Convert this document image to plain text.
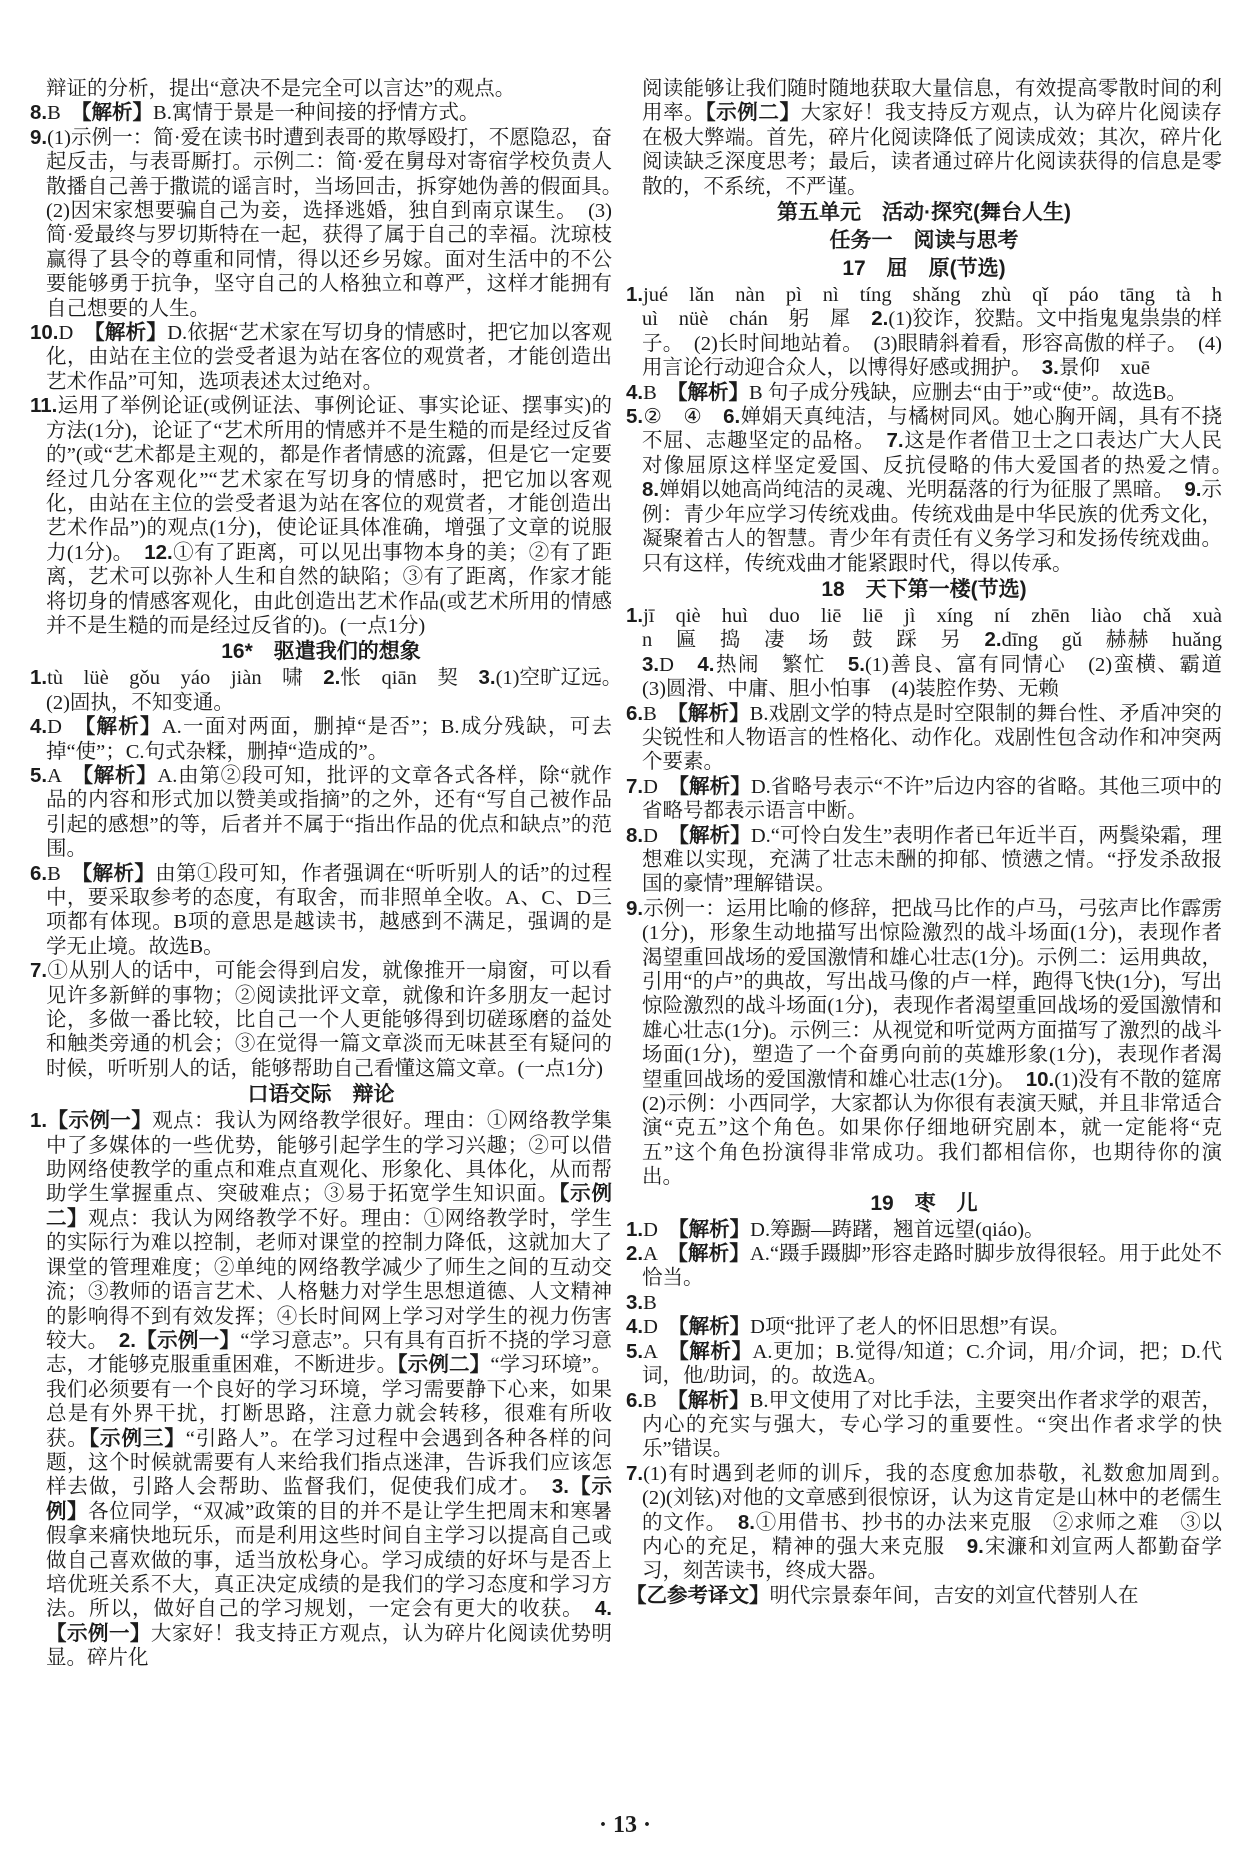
辩证的分析，提出“意决不是完全可以言达”的观点。
8.B　【解析】B.寓情于景是一种间接的抒情方式。
9.(1)示例一：简·爱在读书时遭到表哥的欺辱殴打，不愿隐忍，奋起反击，与表哥厮打。示例二：简·爱在舅母对寄宿学校负责人散播自己善于撒谎的谣言时，当场回击，拆穿她伪善的假面具。　(2)因宋家想要骗自己为妾，选择逃婚，独自到南京谋生。　(3)简·爱最终与罗切斯特在一起，获得了属于自己的幸福。沈琼枝赢得了县令的尊重和同情，得以还乡另嫁。面对生活中的不公要能够勇于抗争，坚守自己的人格独立和尊严，这样才能拥有自己想要的人生。
10.D　【解析】D.依据“艺术家在写切身的情感时，把它加以客观化，由站在主位的尝受者退为站在客位的观赏者，才能创造出艺术作品”可知，选项表述太过绝对。
11.运用了举例论证(或例证法、事例论证、事实论证、摆事实)的方法(1分)，论证了“艺术所用的情感并不是生糙的而是经过反省的”(或“艺术都是主观的，都是作者情感的流露，但是它一定要经过几分客观化”“艺术家在写切身的情感时，把它加以客观化，由站在主位的尝受者退为站在客位的观赏者，才能创造出艺术作品”)的观点(1分)，使论证具体准确，增强了文章的说服力(1分)。　12.①有了距离，可以见出事物本身的美；②有了距离，艺术可以弥补人生和自然的缺陷；③有了距离，作家才能将切身的情感客观化，由此创造出艺术作品(或艺术所用的情感并不是生糙的而是经过反省的)。(一点1分)
16*　驱遣我们的想象
1.tù　lüè　gǒu　yáo　jiàn　啸　2.怅　qiān　契　3.(1)空旷辽远。　(2)固执，不知变通。
4.D　【解析】A.一面对两面，删掉“是否”；B.成分残缺，可去掉“使”；C.句式杂糅，删掉“造成的”。
5.A　【解析】A.由第②段可知，批评的文章各式各样，除“就作品的内容和形式加以赞美或指摘”的之外，还有“写自己被作品引起的感想”的等，后者并不属于“指出作品的优点和缺点”的范围。
6.B　【解析】由第①段可知，作者强调在“听听别人的话”的过程中，要采取参考的态度，有取舍，而非照单全收。A、C、D三项都有体现。B项的意思是越读书，越感到不满足，强调的是学无止境。故选B。
7.①从别人的话中，可能会得到启发，就像推开一扇窗，可以看见许多新鲜的事物；②阅读批评文章，就像和许多朋友一起讨论，多做一番比较，比自己一个人更能够得到切磋琢磨的益处和触类旁通的机会；③在觉得一篇文章淡而无味甚至有疑问的时候，听听别人的话，能够帮助自己看懂这篇文章。(一点1分)
口语交际　辩论
1.【示例一】观点：我认为网络教学很好。理由：①网络教学集中了多媒体的一些优势，能够引起学生的学习兴趣；②可以借助网络使教学的重点和难点直观化、形象化、具体化，从而帮助学生掌握重点、突破难点；③易于拓宽学生知识面。【示例二】观点：我认为网络教学不好。理由：①网络教学时，学生的实际行为难以控制，老师对课堂的控制力降低，这就加大了课堂的管理难度；②单纯的网络教学减少了师生之间的互动交流；③教师的语言艺术、人格魅力对学生思想道德、人文精神的影响得不到有效发挥；④长时间网上学习对学生的视力伤害较大。　2.【示例一】“学习意志”。只有具有百折不挠的学习意志，才能够克服重重困难，不断进步。【示例二】“学习环境”。我们必须要有一个良好的学习环境，学习需要静下心来，如果总是有外界干扰，打断思路，注意力就会转移，很难有所收获。【示例三】“引路人”。在学习过程中会遇到各种各样的问题，这个时候就需要有人来给我们指点迷津，告诉我们应该怎样去做，引路人会帮助、监督我们，促使我们成才。　3.【示例】各位同学，“双减”政策的目的并不是让学生把周末和寒暑假拿来痛快地玩乐，而是利用这些时间自主学习以提高自己或做自己喜欢做的事，适当放松身心。学习成绩的好坏与是否上培优班关系不大，真正决定成绩的是我们的学习态度和学习方法。所以，做好自己的学习规划，一定会有更大的收获。　4.【示例一】大家好！我支持正方观点，认为碎片化阅读优势明显。碎片化
阅读能够让我们随时随地获取大量信息，有效提高零散时间的利用率。【示例二】大家好！我支持反方观点，认为碎片化阅读存在极大弊端。首先，碎片化阅读降低了阅读成效；其次，碎片化阅读缺乏深度思考；最后，读者通过碎片化阅读获得的信息是零散的，不系统，不严谨。
第五单元　活动·探究(舞台人生)
任务一　阅读与思考
17　屈　原(节选)
1.jué　lǎn　nàn　pì　nì　tíng　shǎng　zhù　qǐ　páo　tāng　tà　huì　nüè　chán　躬　犀　2.(1)狡诈，狡黠。文中指鬼鬼祟祟的样子。　(2)长时间地站着。　(3)眼睛斜着看，形容高傲的样子。　(4)用言论行动迎合众人，以博得好感或拥护。　3.景仰　xuē
4.B　【解析】B 句子成分残缺，应删去“由于”或“使”。故选B。
5.②　④　6.婵娟天真纯洁，与橘树同风。她心胸开阔，具有不挠不屈、志趣坚定的品格。　7.这是作者借卫士之口表达广大人民对像屈原这样坚定爱国、反抗侵略的伟大爱国者的热爱之情。　8.婵娟以她高尚纯洁的灵魂、光明磊落的行为征服了黑暗。　9.示例：青少年应学习传统戏曲。传统戏曲是中华民族的优秀文化，凝聚着古人的智慧。青少年有责任有义务学习和发扬传统戏曲。只有这样，传统戏曲才能紧跟时代，得以传承。
18　天下第一楼(节选)
1.jī　qiè　huì　duo　liē　liē　jì　xíng　ní　zhēn　liào　chǎ　xuàn　匾　捣　凄　场　鼓　踩　另　2.dīng　gǔ　赫赫　huǎng　3.D　4.热闹　繁忙　5.(1)善良、富有同情心　(2)蛮横、霸道　(3)圆滑、中庸、胆小怕事　(4)装腔作势、无赖
6.B　【解析】B.戏剧文学的特点是时空限制的舞台性、矛盾冲突的尖锐性和人物语言的性格化、动作化。戏剧性包含动作和冲突两个要素。
7.D　【解析】D.省略号表示“不许”后边内容的省略。其他三项中的省略号都表示语言中断。
8.D　【解析】D.“可怜白发生”表明作者已年近半百，两鬓染霜，理想难以实现，充满了壮志未酬的抑郁、愤懑之情。“抒发杀敌报国的豪情”理解错误。
9.示例一：运用比喻的修辞，把战马比作的卢马，弓弦声比作霹雳(1分)，形象生动地描写出惊险激烈的战斗场面(1分)，表现作者渴望重回战场的爱国激情和雄心壮志(1分)。示例二：运用典故，引用“的卢”的典故，写出战马像的卢一样，跑得飞快(1分)，写出惊险激烈的战斗场面(1分)，表现作者渴望重回战场的爱国激情和雄心壮志(1分)。示例三：从视觉和听觉两方面描写了激烈的战斗场面(1分)，塑造了一个奋勇向前的英雄形象(1分)，表现作者渴望重回战场的爱国激情和雄心壮志(1分)。　10.(1)没有不散的筵席　(2)示例：小西同学，大家都认为你很有表演天赋，并且非常适合演“克五”这个角色。如果你仔细地研究剧本，就一定能将“克五”这个角色扮演得非常成功。我们都相信你，也期待你的演出。
19　枣　儿
1.D　【解析】D.筹蹰—踌躇，翘首远望(qiáo)。
2.A　【解析】A.“蹑手蹑脚”形容走路时脚步放得很轻。用于此处不恰当。
3.B
4.D　【解析】D项“批评了老人的怀旧思想”有误。
5.A　【解析】A.更加；B.觉得/知道；C.介词，用/介词，把；D.代词，他/助词，的。故选A。
6.B　【解析】B.甲文使用了对比手法，主要突出作者求学的艰苦，内心的充实与强大，专心学习的重要性。“突出作者求学的快乐”错误。
7.(1)有时遇到老师的训斥，我的态度愈加恭敬，礼数愈加周到。　(2)(刘铉)对他的文章感到很惊讶，认为这肯定是山林中的老儒生的文作。　8.①用借书、抄书的办法来克服　②求师之难　③以内心的充足，精神的强大来克服　9.宋濂和刘宣两人都勤奋学习，刻苦读书，终成大器。
【乙参考译文】明代宗景泰年间，吉安的刘宣代替别人在
· 13 ·
